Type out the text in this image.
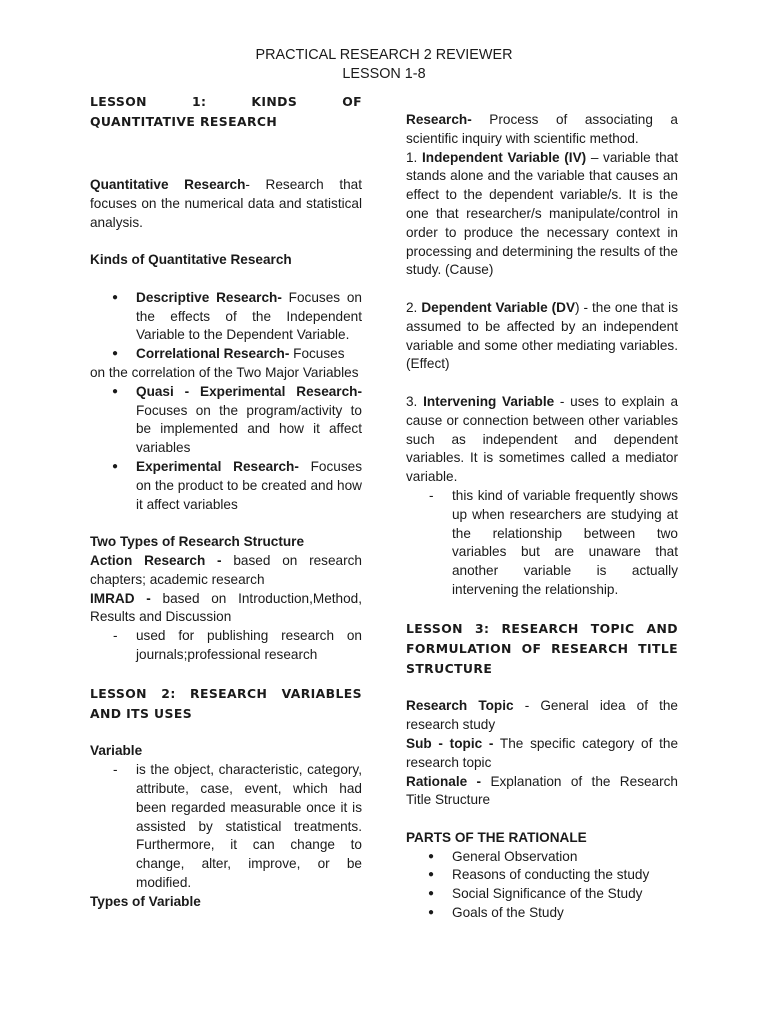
PRACTICAL RESEARCH 2 REVIEWER
LESSON 1-8

LESSON 1: KINDS OF

QUANTITATIVE RESEARCH

Quantitative Research- Research that focuses on the numerical data and statistical analysis.

Kinds of Quantitative Research

● Descriptive Research- Focuses on the effects of the Independent Variable to the Dependent Variable.
● Correlational Research- Focuses

on the correlation of the Two Major Variables

● Quasi - Experimental Research- Focuses on the program/activity to be implemented and how it affect variables
● Experimental Research- Focuses on the product to be created and how it affect variables

Two Types of Research Structure

Action Research - based on research chapters; academic research

IMRAD - based on Introduction,Method, Results and Discussion

- used for publishing research on journals;professional research

LESSON 2: RESEARCH VARIABLES

AND ITS USES

Variable

- is the object, characteristic, category, attribute, case, event, which had been regarded measurable once it is assisted by statistical treatments. Furthermore, it can change to change, alter, improve, or be modified.

Types of Variable

Research- Process of associating a scientific inquiry with scientific method.

1. Independent Variable (IV) – variable that stands alone and the variable that causes an effect to the dependent variable/s. It is the one that researcher/s manipulate/control in order to produce the necessary context in processing and determining the results of the study. (Cause)

2. Dependent Variable (DV) - the one that is assumed to be affected by an independent variable and some other mediating variables. (Effect)

3. Intervening Variable - uses to explain a cause or connection between other variables such as independent and dependent variables. It is sometimes called a mediator variable.

- this kind of variable frequently shows up when researchers are studying at the relationship between two variables but are unaware that another variable is actually intervening the relationship.

LESSON 3: RESEARCH TOPIC AND

FORMULATION OF RESEARCH TITLE

STRUCTURE

Research Topic - General idea of the research study

Sub - topic - The specific category of the research topic

Rationale - Explanation of the Research Title Structure

PARTS OF THE RATIONALE

● General Observation
● Reasons of conducting the study
● Social Significance of the Study
● Goals of the Study
